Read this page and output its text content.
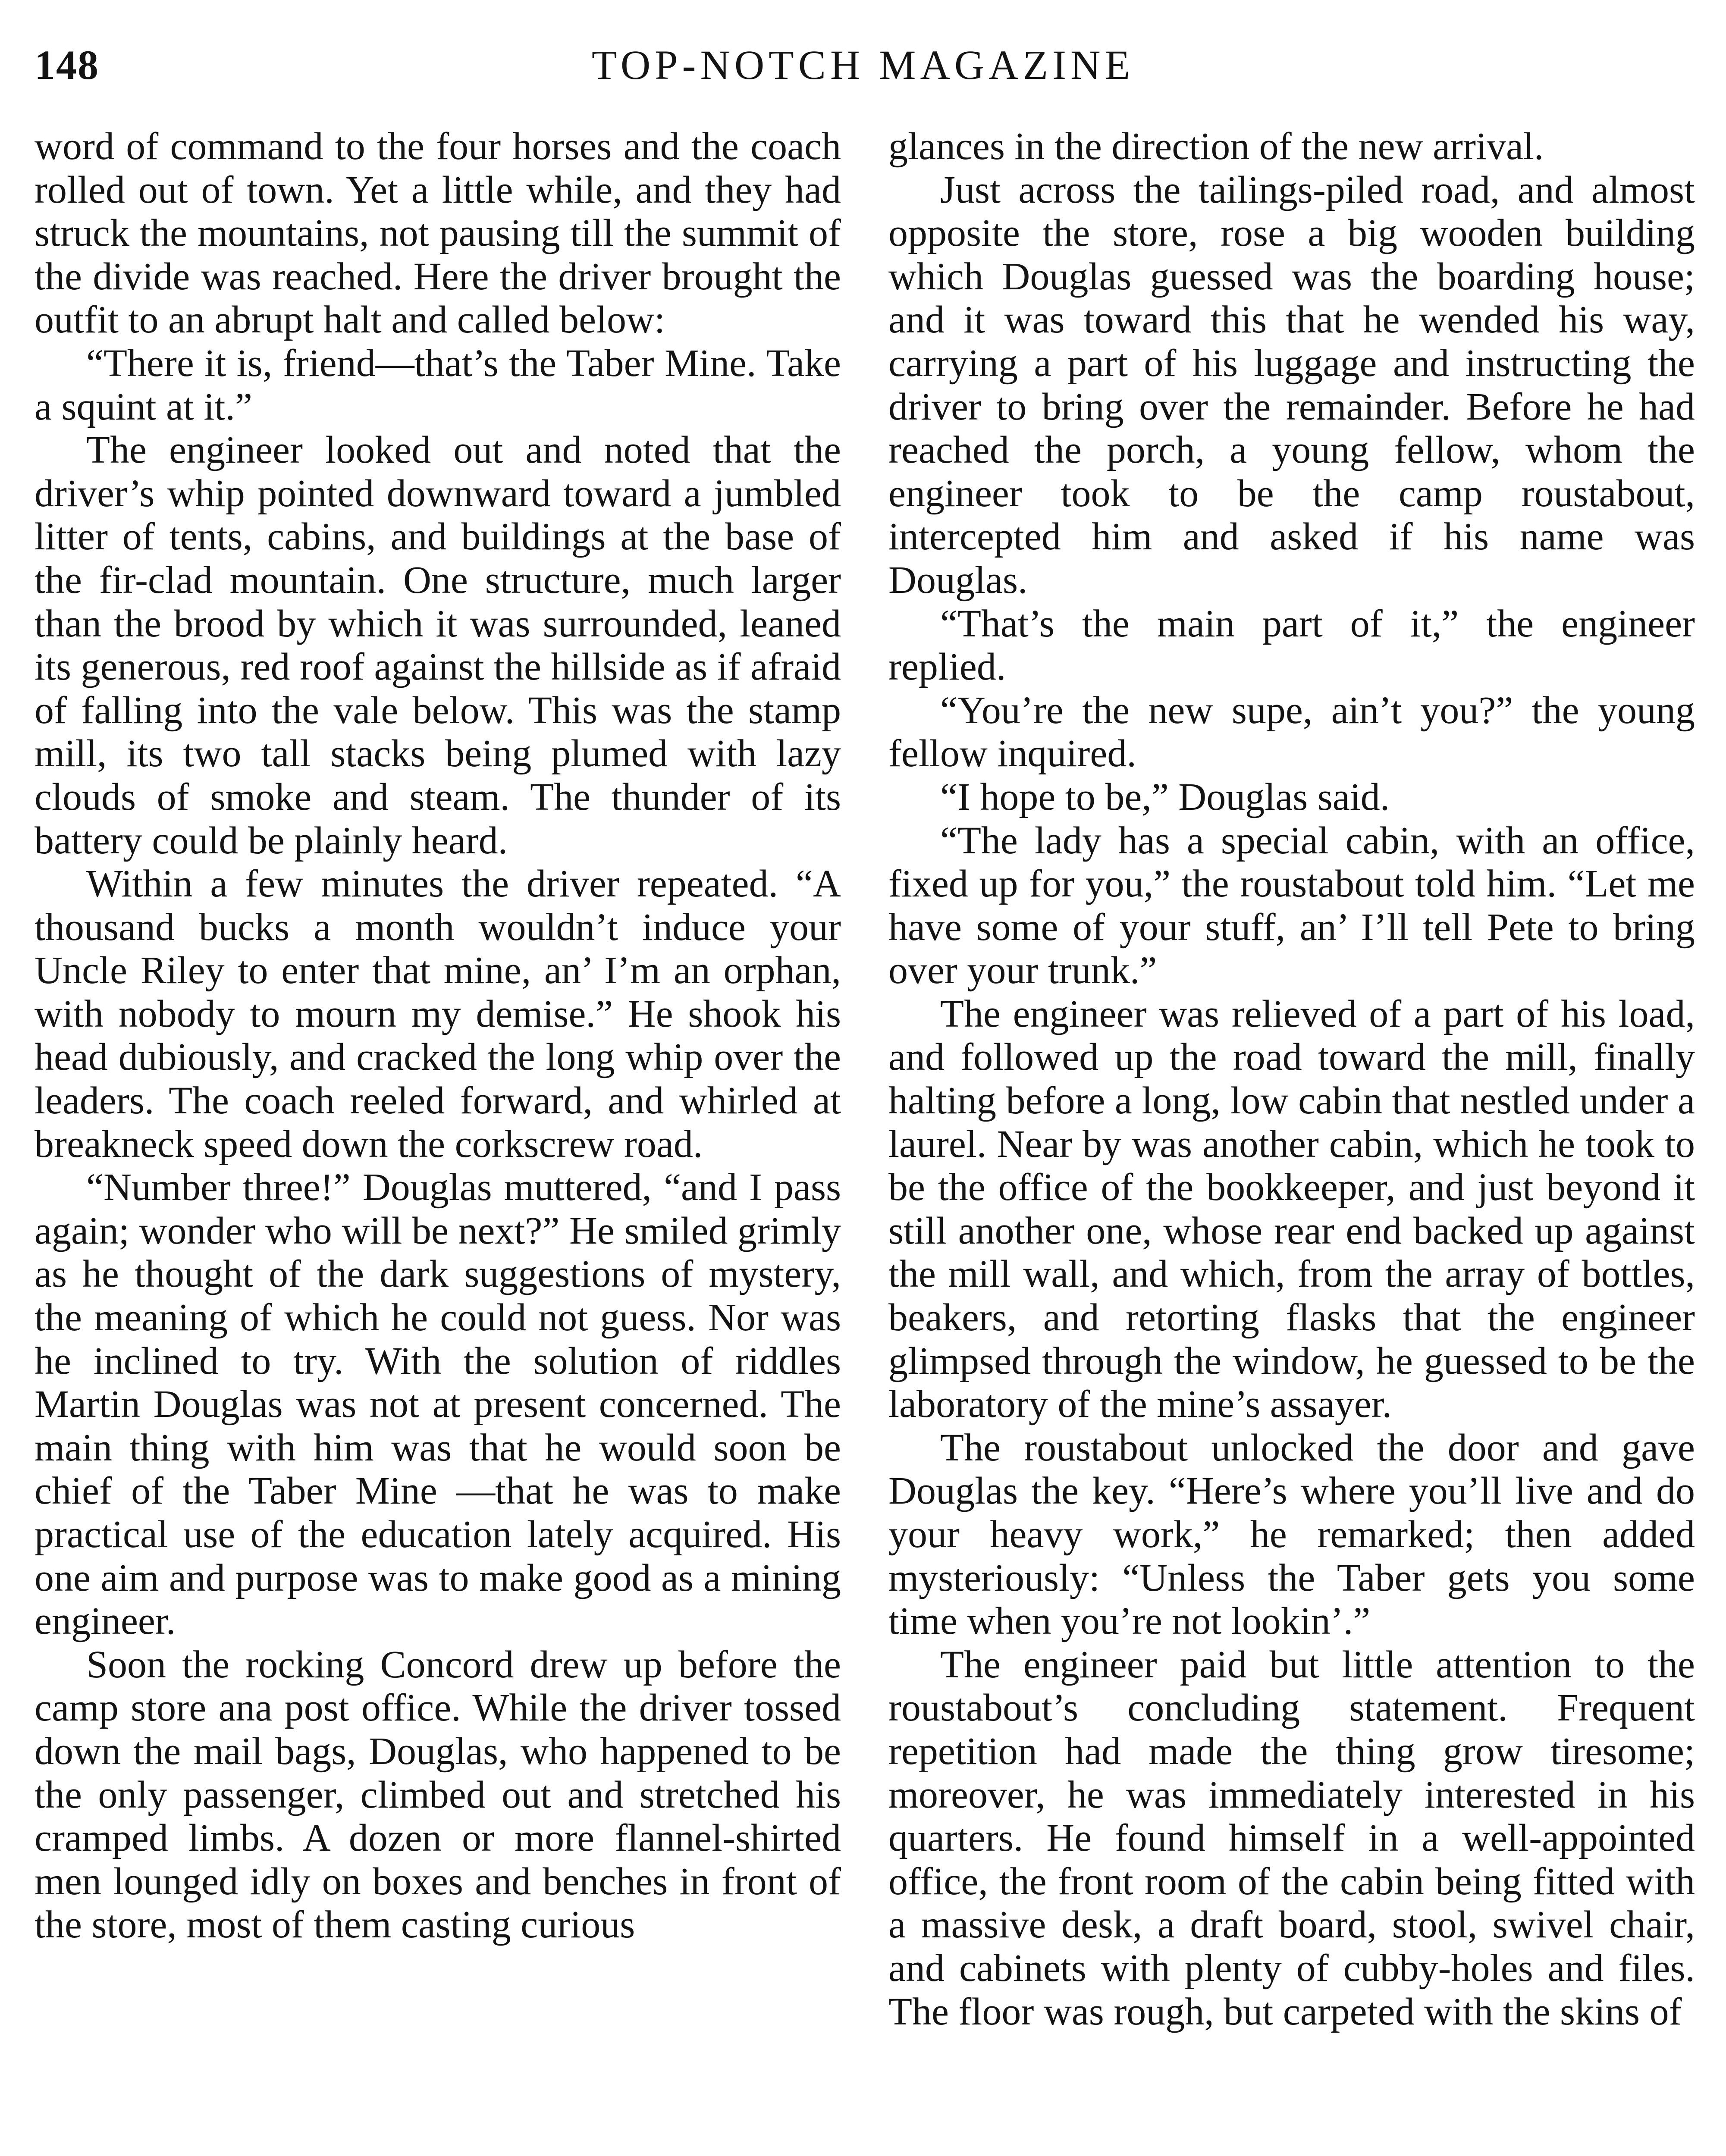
148	TOP-NOTCH MAGAZINE

word of command to the four horses and the coach rolled out of town. Yet a little while, and they had struck the mountains, not pausing till the summit of the divide was reached. Here the driver brought the outfit to an abrupt halt and called below:

“There it is, friend—that’s the Taber Mine. Take a squint at it.”

The engineer looked out and noted that the driver’s whip pointed downward toward a jumbled litter of tents, cabins, and buildings at the base of the fir-clad mountain. One structure, much larger than the brood by which it was surrounded, leaned its generous, red roof against the hillside as if afraid of falling into the vale below. This was the stamp mill, its two tall stacks being plumed with lazy clouds of smoke and steam. The thunder of its battery could be plainly heard.

Within a few minutes the driver repeated. “A thousand bucks a month wouldn’t induce your Uncle Riley to enter that mine, an’ I’m an orphan, with nobody to mourn my demise.” He shook his head dubiously, and cracked the long whip over the leaders. The coach reeled forward, and whirled at breakneck speed down the corkscrew road.

“Number three!” Douglas muttered, “and I pass again; wonder who will be next?” He smiled grimly as he thought of the dark suggestions of mystery, the meaning of which he could not guess. Nor was he inclined to try. With the solution of riddles Martin Douglas was not at present concerned. The main thing with him was that he would soon be chief of the Taber Mine —that he was to make practical use of the education lately acquired. His one aim and purpose was to make good as a mining engineer.

Soon the rocking Concord drew up before the camp store ana post office. While the driver tossed down the mail bags, Douglas, who happened to be the only passenger, climbed out and stretched his cramped limbs. A dozen or more flannel-shirted men lounged idly on boxes and benches in front of the store, most of them casting curious

glances in the direction of the new arrival.

Just across the tailings-piled road, and almost opposite the store, rose a big wooden building which Douglas guessed was the boarding house; and it was toward this that he wended his way, carrying a part of his luggage and instructing the driver to bring over the remainder. Before he had reached the porch, a young fellow, whom the engineer took to be the camp roustabout, intercepted him and asked if his name was Douglas.

“That’s the main part of it,” the engineer replied.

“You’re the new supe, ain’t you?” the young fellow inquired.

“I hope to be,” Douglas said.

“The lady has a special cabin, with an office, fixed up for you,” the roustabout told him. “Let me have some of your stuff, an’ I’ll tell Pete to bring over your trunk.”

The engineer was relieved of a part of his load, and followed up the road toward the mill, finally halting before a long, low cabin that nestled under a laurel. Near by was another cabin, which he took to be the office of the bookkeeper, and just beyond it still another one, whose rear end backed up against the mill wall, and which, from the array of bottles, beakers, and retorting flasks that the engineer glimpsed through the window, he guessed to be the laboratory of the mine’s assayer.

The roustabout unlocked the door and gave Douglas the key. “Here’s where you’ll live and do your heavy work,” he remarked; then added mysteriously: “Unless the Taber gets you some time when you’re not lookin’.”

The engineer paid but little attention to the roustabout’s concluding statement. Frequent repetition had made the thing grow tiresome; moreover, he was immediately interested in his quarters. He found himself in a well-appointed office, the front room of the cabin being fitted with a massive desk, a draft board, stool, swivel chair, and cabinets with plenty of cubby-holes and files. The floor was rough, but carpeted with the skins of
